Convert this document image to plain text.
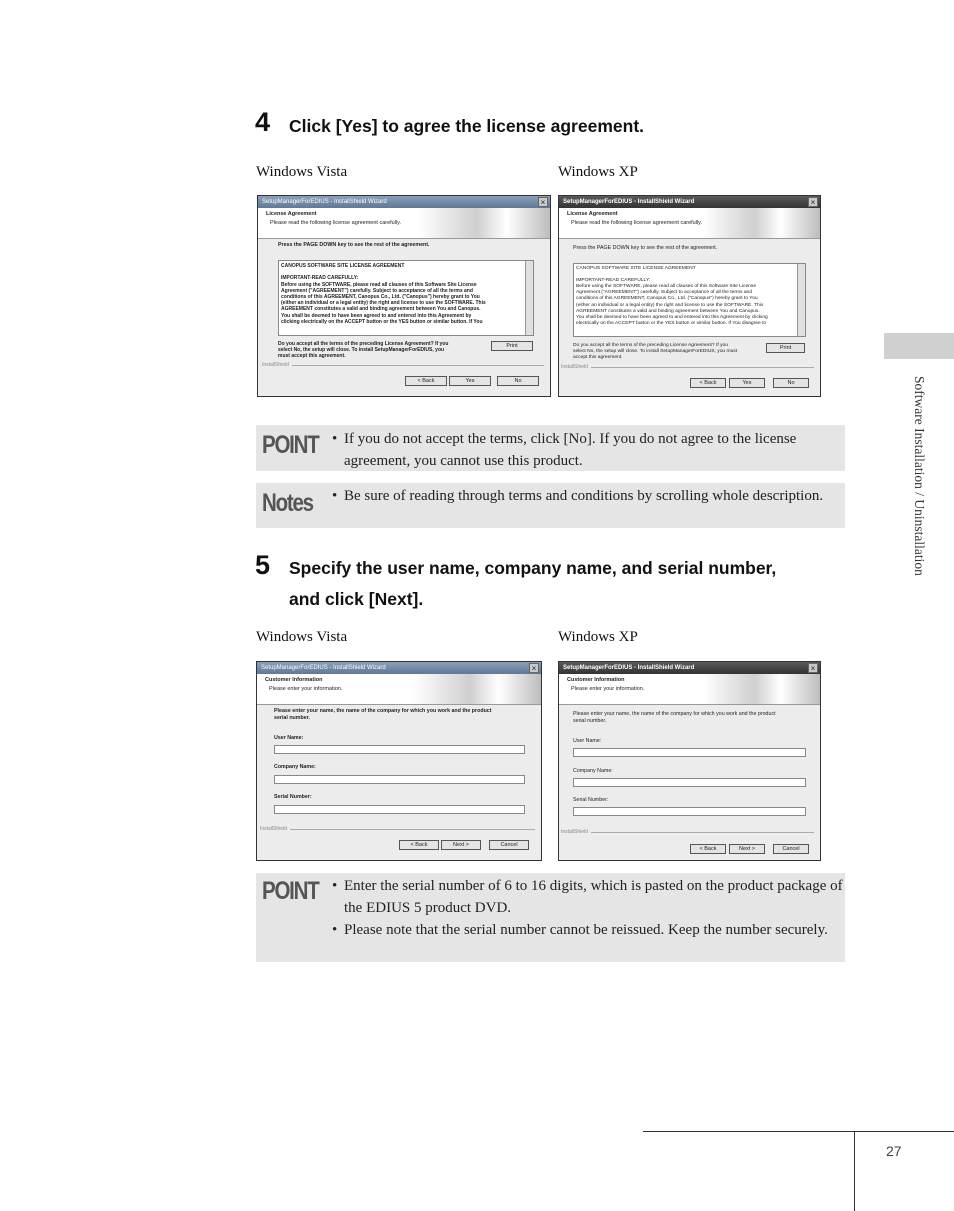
4 Click [Yes] to agree the license agreement.
Windows Vista	Windows XP
SetupManagerForEDIUS - InstallShield Wizard	×
License Agreement
Please read the following license agreement carefully.
Press the PAGE DOWN key to see the rest of the agreement.
CANOPUS SOFTWARE SITE LICENSE AGREEMENT

IMPORTANT-READ CAREFULLY:
Before using the SOFTWARE, please read all clauses of this Software Site License
Agreement ("AGREEMENT") carefully. Subject to acceptance of all the terms and
conditions of this AGREEMENT, Canopus Co., Ltd. ("Canopus") hereby grant to You
(either an individual or a legal entity) the right and license to use the SOFTWARE. This
AGREEMENT constitutes a valid and binding agreement between You and Canopus.
You shall be deemed to have been agreed to and entered into this Agreement by
clicking electrically on the ACCEPT button or the YES button or similar button. If You
Do you accept all the terms of the preceding License Agreement? If you
select No, the setup will close. To install SetupManagerForEDIUS, you
must accept this agreement.
Print
InstallShield
< Back	Yes	No
SetupManagerForEDIUS - InstallShield Wizard	×
License Agreement
Please read the following license agreement carefully.
Press the PAGE DOWN key to see the rest of the agreement.
CANOPUS SOFTWARE SITE LICENSE AGREEMENT

IMPORTANT-READ CAREFULLY:
Before using the SOFTWARE, please read all clauses of this Software Site License
Agreement ("AGREEMENT") carefully. Subject to acceptance of all the terms and
conditions of this AGREEMENT, Canopus Co., Ltd. ("Canopus") hereby grant to You
(either an individual or a legal entity) the right and license to use the SOFTWARE. This
AGREEMENT constitutes a valid and binding agreement between You and Canopus.
You shall be deemed to have been agreed to and entered into this Agreement by clicking
electrically on the ACCEPT button or the YES button or similar button. If You disagree to
Do you accept all the terms of the preceding License Agreement? If you
select No, the setup will close. To install SetupManagerForEDIUS, you must
accept this agreement.
Print
InstallShield
< Back	Yes	No
POINT • If you do not accept the terms, click [No]. If you do not agree to the license agreement, you cannot use this product.
Notes • Be sure of reading through terms and conditions by scrolling whole description.
5 Specify the user name, company name, and serial number,
and click [Next].
Windows Vista	Windows XP
SetupManagerForEDIUS - InstallShield Wizard	×
Customer Information
Please enter your information.
Please enter your name, the name of the company for which you work and the product
serial number.
User Name:
Company Name:
Serial Number:
InstallShield
< Back	Next >	Cancel
SetupManagerForEDIUS - InstallShield Wizard	×
Customer Information
Please enter your information.
Please enter your name, the name of the company for which you work and the product
serial number.
User Name:
Company Name:
Serial Number:
InstallShield
< Back	Next >	Cancel
POINT • Enter the serial number of 6 to 16 digits, which is pasted on the product package of the EDIUS 5 product DVD.
• Please note that the serial number cannot be reissued. Keep the number securely.
Software Installation / Uninstallation
27
